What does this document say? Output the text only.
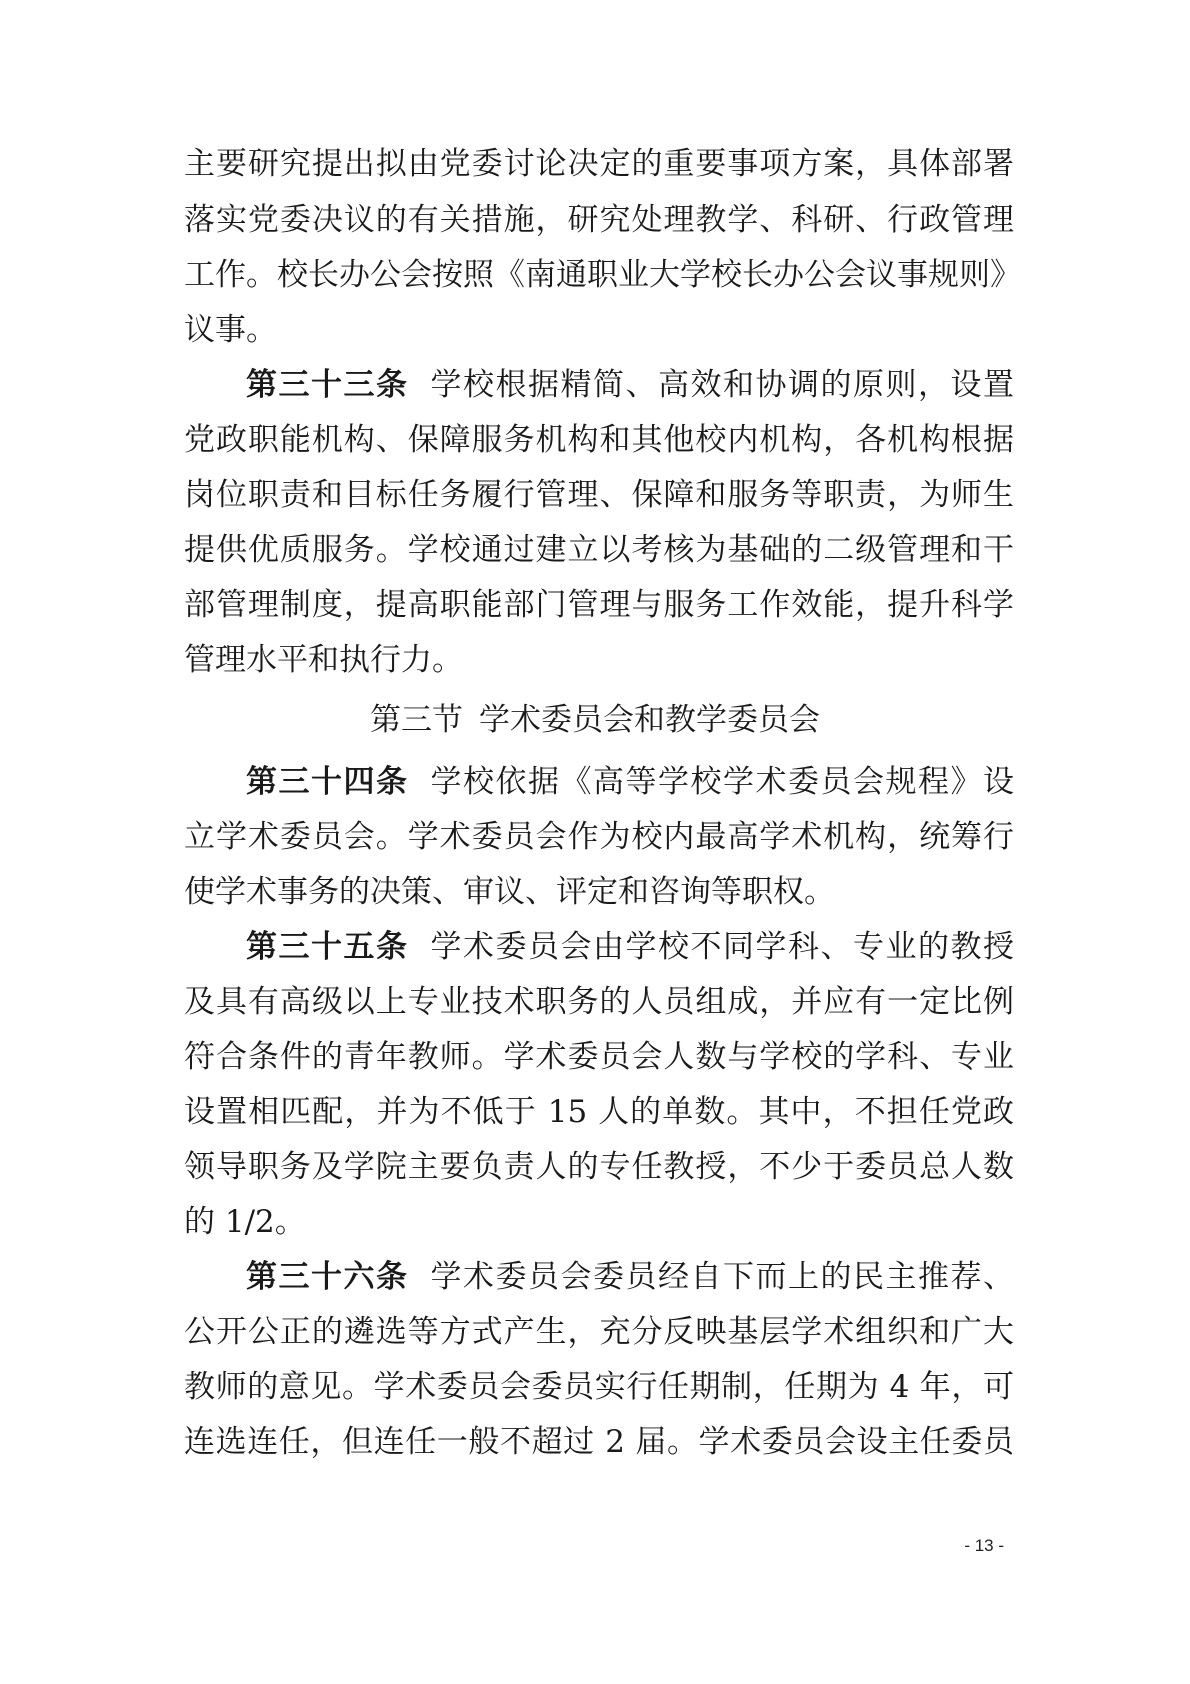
主要研究提出拟由党委讨论决定的重要事项方案，具体部署
落实党委决议的有关措施，研究处理教学、科研、行政管理
工作。校长办公会按照《南通职业大学校长办公会议事规则》
议事。
第三十三条 学校根据精简、高效和协调的原则，设置
党政职能机构、保障服务机构和其他校内机构，各机构根据
岗位职责和目标任务履行管理、保障和服务等职责，为师生
提供优质服务。学校通过建立以考核为基础的二级管理和干
部管理制度，提高职能部门管理与服务工作效能，提升科学
管理水平和执行力。
第三节 学术委员会和教学委员会
第三十四条 学校依据《高等学校学术委员会规程》设
立学术委员会。学术委员会作为校内最高学术机构，统筹行
使学术事务的决策、审议、评定和咨询等职权。
第三十五条 学术委员会由学校不同学科、专业的教授
及具有高级以上专业技术职务的人员组成，并应有一定比例
符合条件的青年教师。学术委员会人数与学校的学科、专业
设置相匹配，并为不低于 15 人的单数。其中，不担任党政
领导职务及学院主要负责人的专任教授，不少于委员总人数
的 1/2。
第三十六条 学术委员会委员经自下而上的民主推荐、
公开公正的遴选等方式产生，充分反映基层学术组织和广大
教师的意见。学术委员会委员实行任期制，任期为 4 年，可
连选连任，但连任一般不超过 2 届。学术委员会设主任委员
- 13 -
